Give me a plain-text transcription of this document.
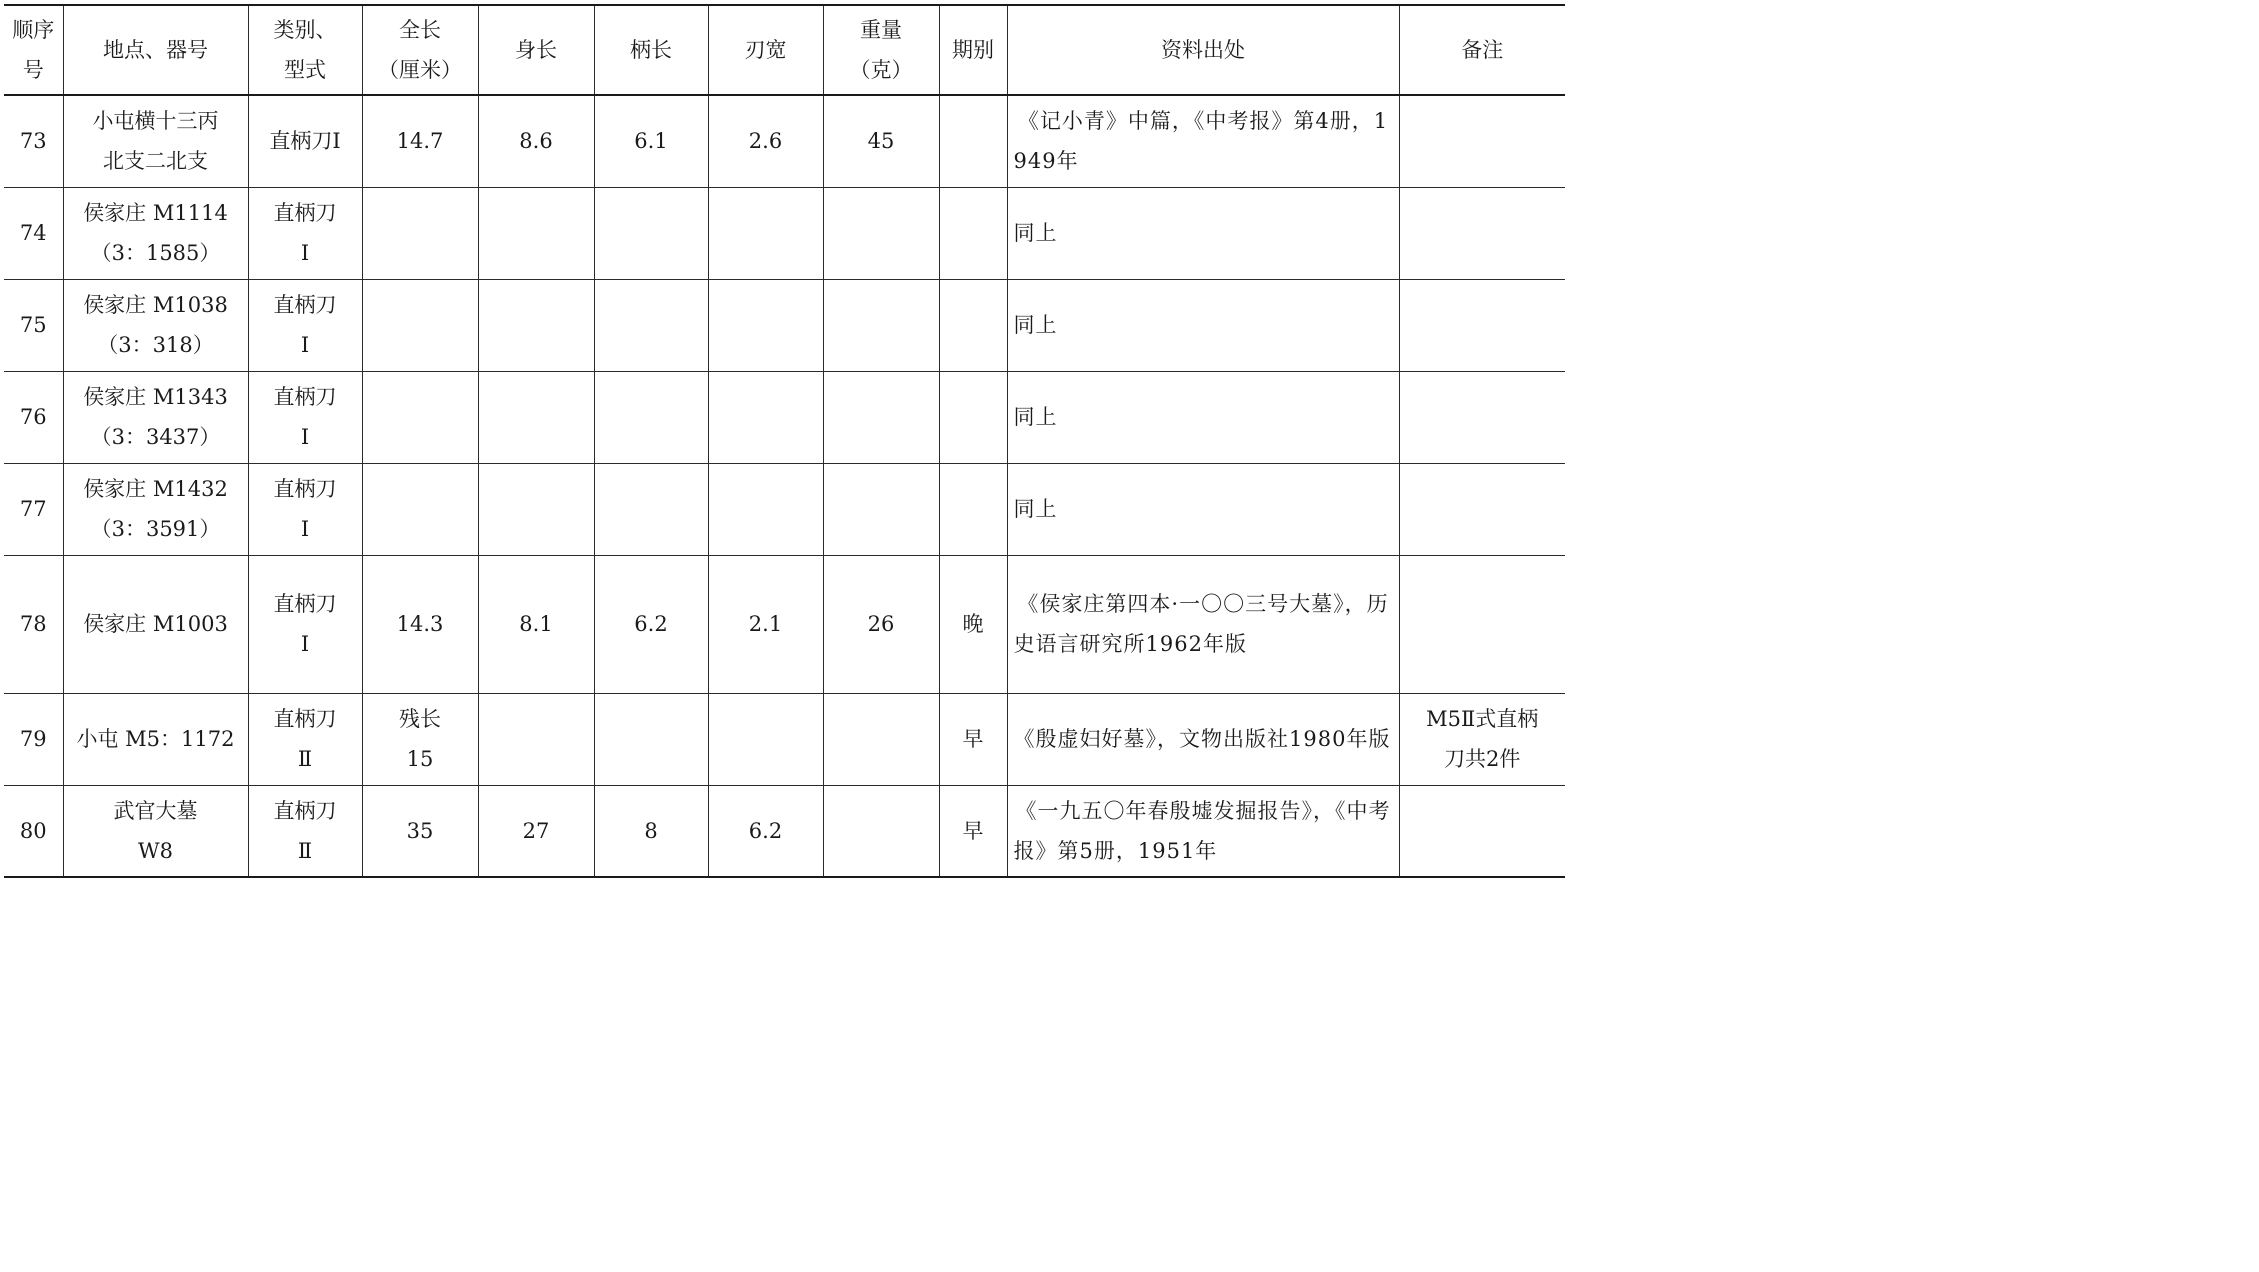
顺序
号	地点、器号	类别、
型式	全长
（厘米）	身长	柄长	刃宽	重量
（克）	期别	资料出处	备注

73	小屯横十三丙
北支二北支	直柄刀Ⅰ	14.7	8.6	6.1	2.6	45		《记小青》中篇，《中考报》第4册，1949年	

74	侯家庄 M1114
（3：1585）	直柄刀
Ⅰ							同上	

75	侯家庄 M1038
（3：318）	直柄刀
Ⅰ							同上	

76	侯家庄 M1343
（3：3437）	直柄刀
Ⅰ							同上	

77	侯家庄 M1432
（3：3591）	直柄刀
Ⅰ							同上	

78	侯家庄 M1003	直柄刀
Ⅰ	14.3	8.1	6.2	2.1	26	晚	《侯家庄第四本·一〇〇三号大墓》，历史语言研究所1962年版	

79	小屯 M5：1172	直柄刀
Ⅱ	残长
15					早	《殷虚妇好墓》，文物出版社1980年版	M5Ⅱ式直柄
刀共2件

80	武官大墓
W8	直柄刀
Ⅱ	35	27	8	6.2		早	《一九五〇年春殷墟发掘报告》，《中考报》第5册，1951年	
